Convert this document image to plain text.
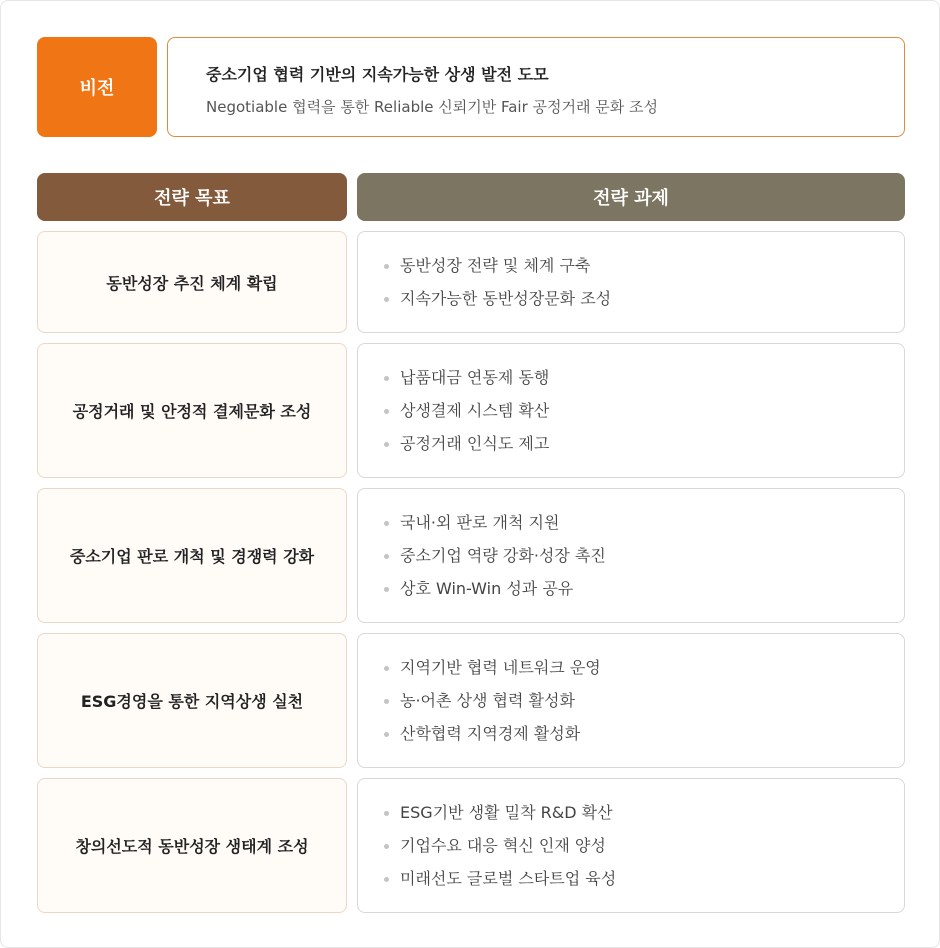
비전
중소기업 협력 기반의 지속가능한 상생 발전 도모
Negotiable 협력을 통한 Reliable 신뢰기반 Fair 공정거래 문화 조성
전략 목표	전략 과제
동반성장 추진 체계 확립
동반성장 전략 및 체계 구축
지속가능한 동반성장문화 조성
공정거래 및 안정적 결제문화 조성
납품대금 연동제 동행
상생결제 시스템 확산
공정거래 인식도 제고
중소기업 판로 개척 및 경쟁력 강화
국내·외 판로 개척 지원
중소기업 역량 강화·성장 촉진
상호 Win-Win 성과 공유
ESG경영을 통한 지역상생 실천
지역기반 협력 네트워크 운영
농·어촌 상생 협력 활성화
산학협력 지역경제 활성화
창의선도적 동반성장 생태계 조성
ESG기반 생활 밀착 R&D 확산
기업수요 대응 혁신 인재 양성
미래선도 글로벌 스타트업 육성
